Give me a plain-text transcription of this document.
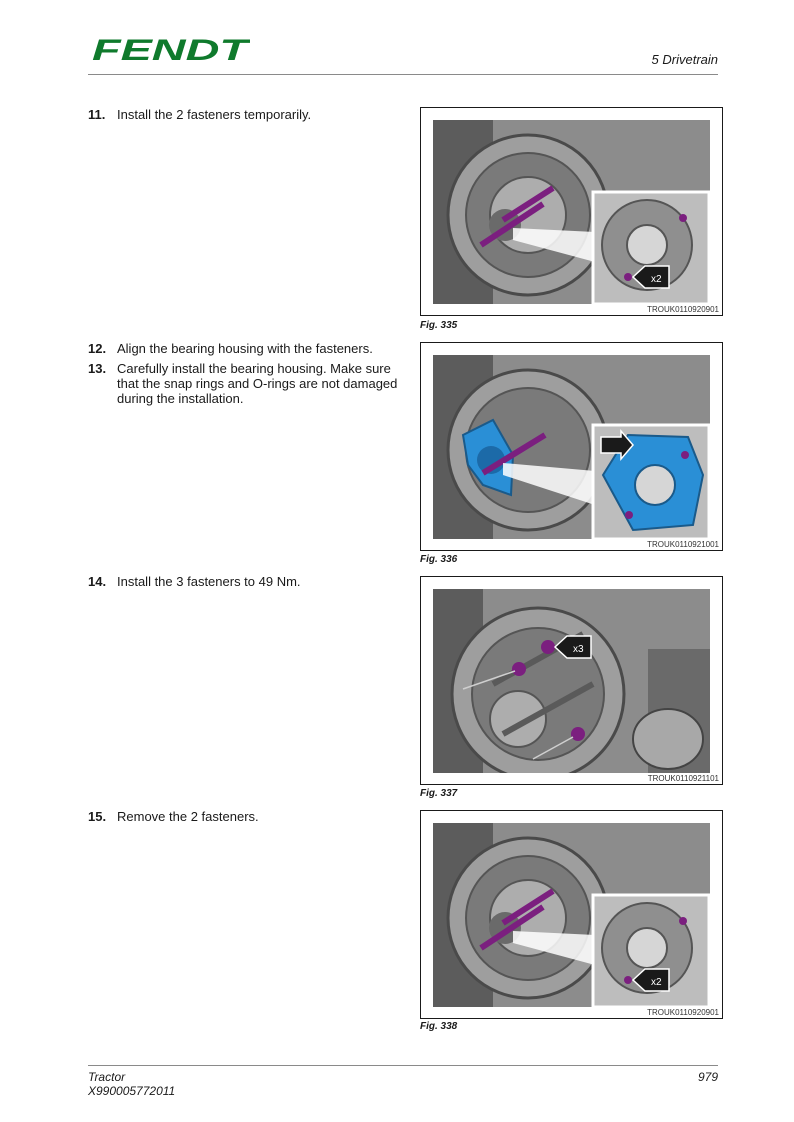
FENDT	5 Drivetrain
11. Install the 2 fasteners temporarily.
12. Align the bearing housing with the fasteners.
13. Carefully install the bearing housing. Make sure that the snap rings and O-rings are not damaged during the installation.
14. Install the 3 fasteners to 49 Nm.
15. Remove the 2 fasteners.
x2
TROUK0110920901
Fig. 335
TROUK0110921001
Fig. 336
x3
TROUK0110921101
Fig. 337
x2
TROUK0110920901
Fig. 338
Tractor
X990005772011
979
